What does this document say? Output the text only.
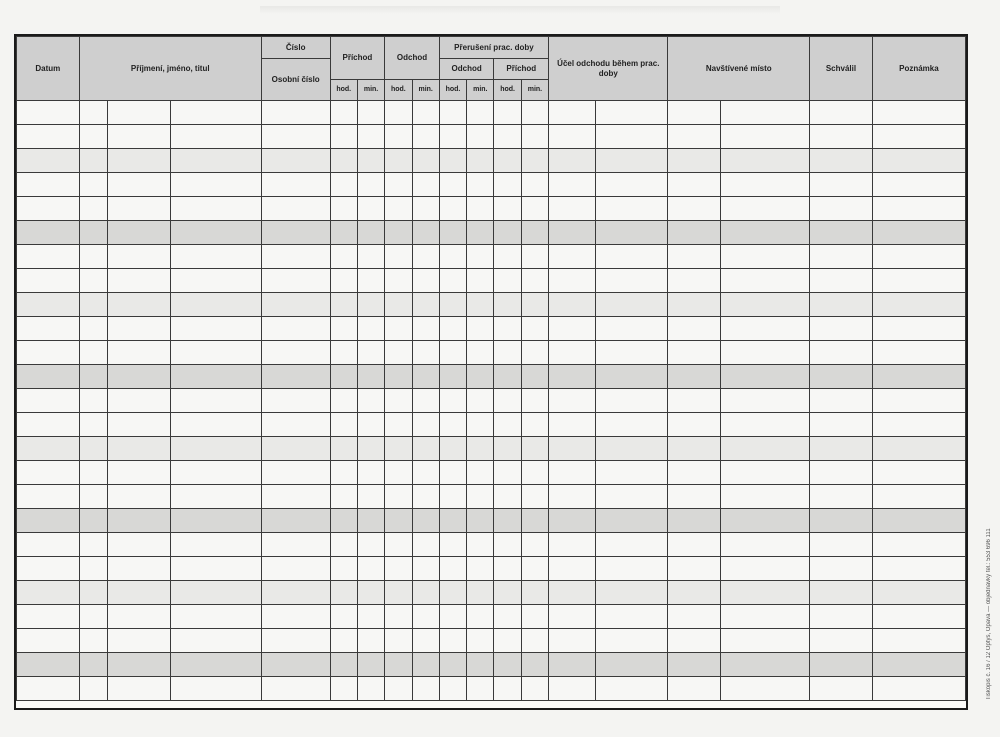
Datum	Příjmení, jméno, titul			Číslo	Příchod		Odchod		Přerušení prac. doby				Účel odchodu během prac. doby		Navštívené místo		Schválil	Poznámka
				Osobní číslo					Odchod		Příchod							
					hod.	min.	hod.	min.	hod.	min.	hod.	min.						

Tiskopis č. 16 / 12 Optys, Opava — objednávky tel.: 553 696 111
